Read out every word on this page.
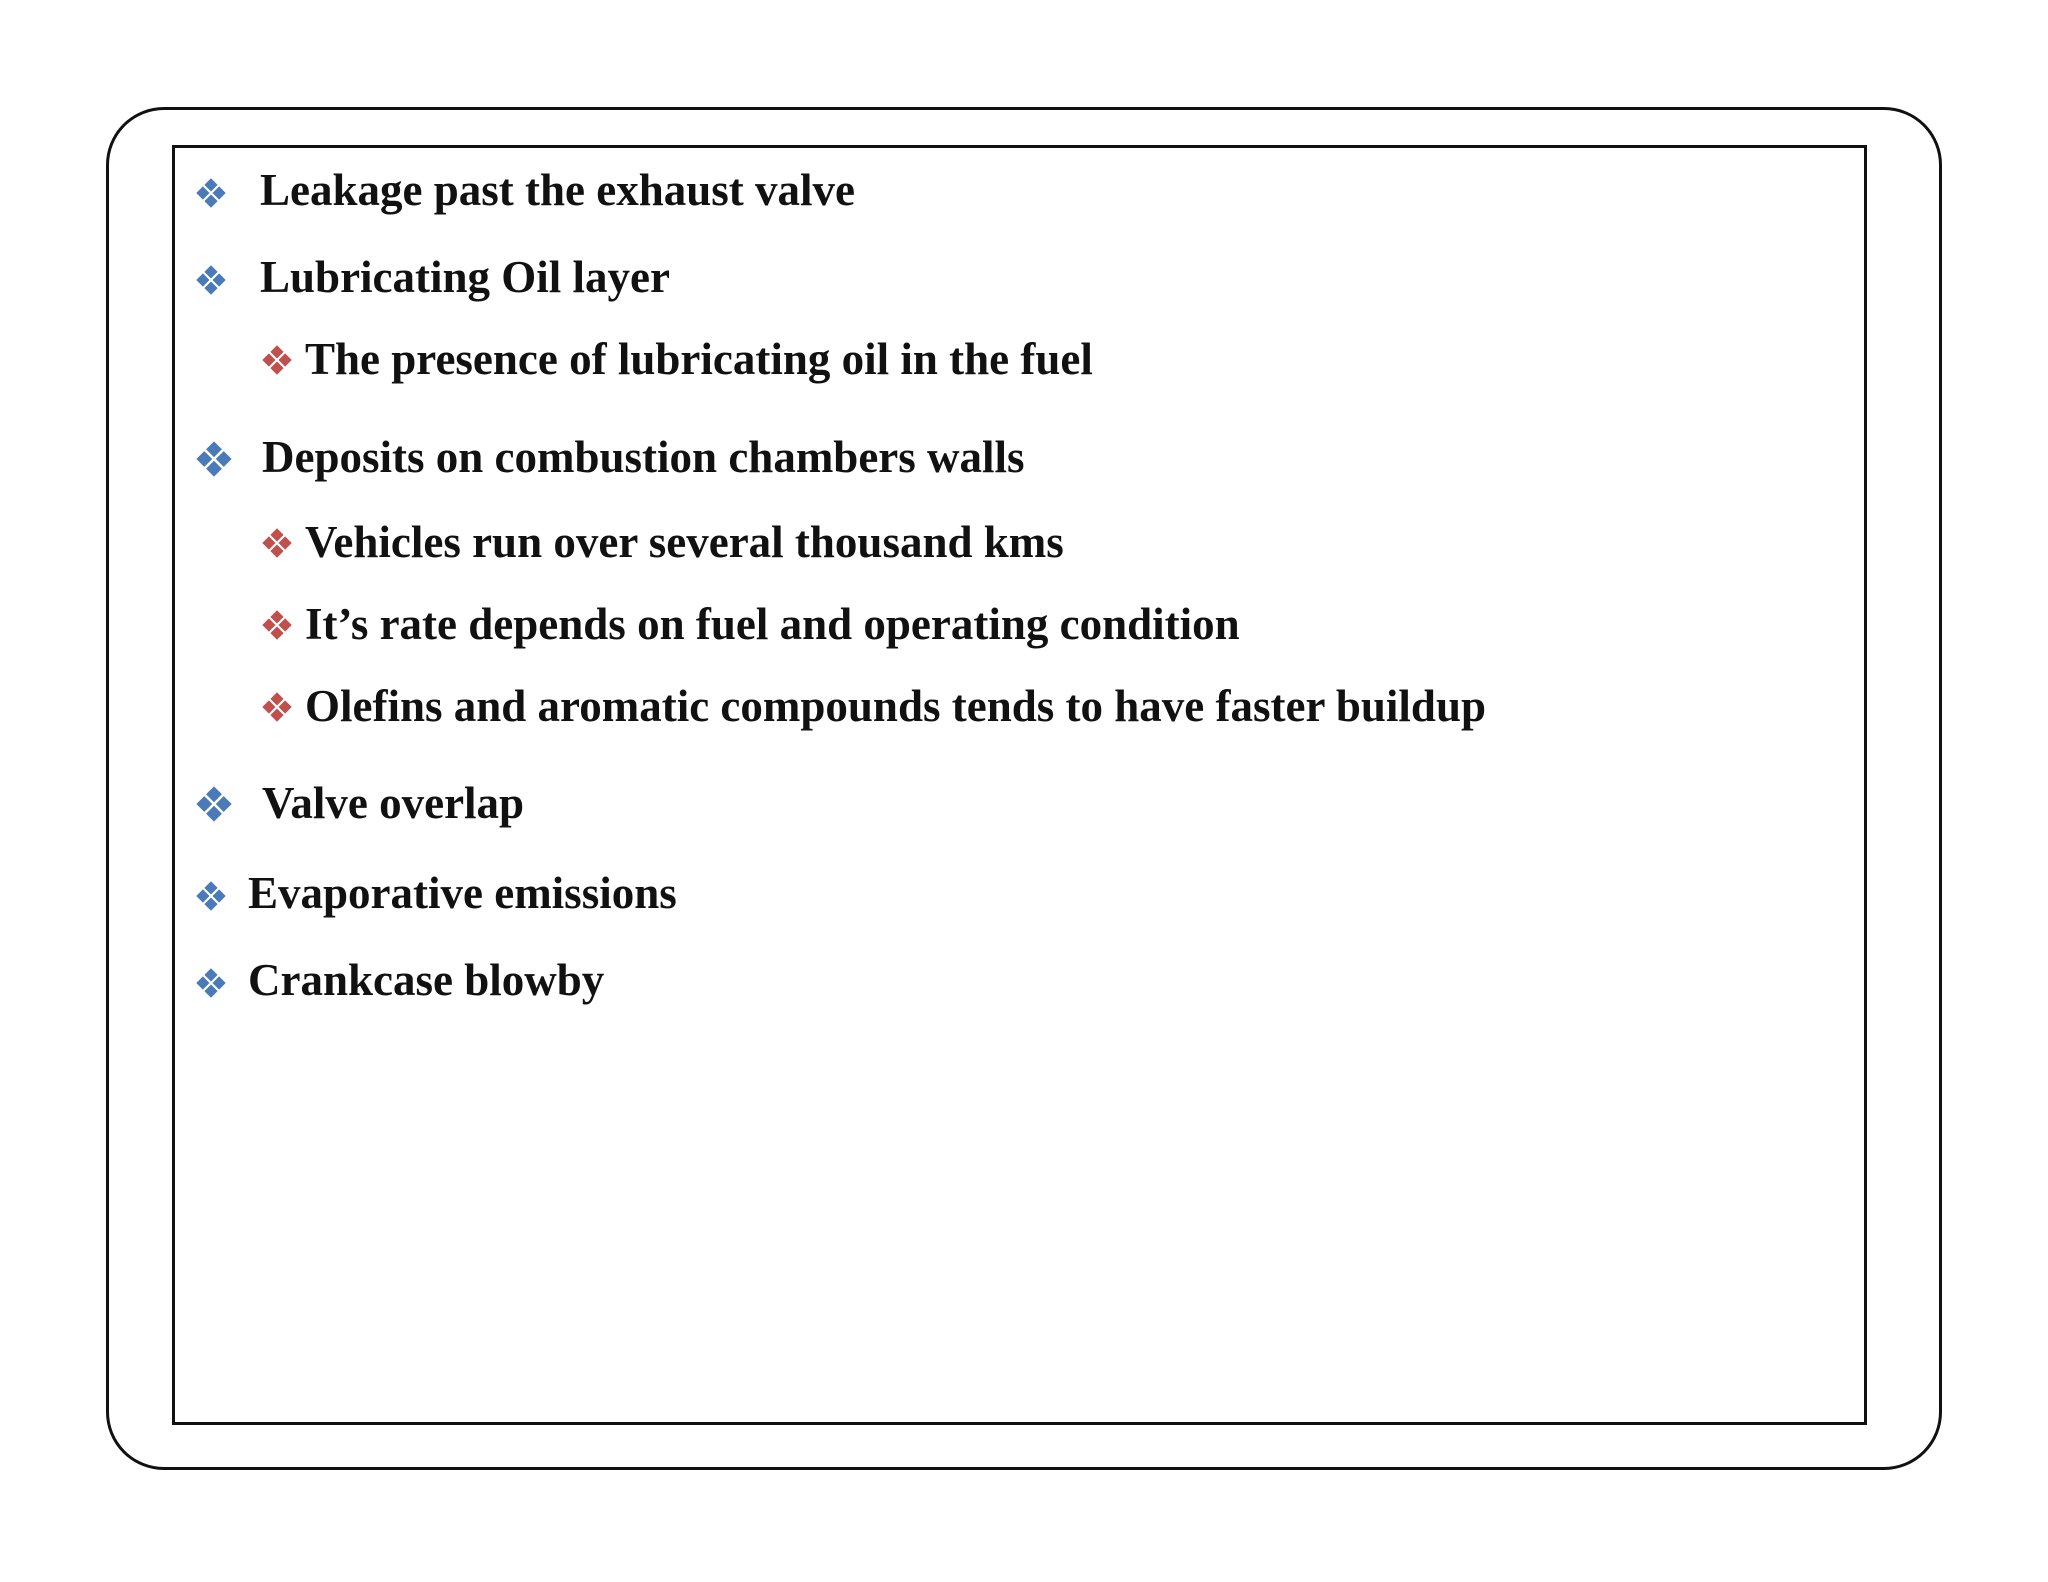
Leakage past the exhaust valve
Lubricating Oil layer
The presence of lubricating oil in the fuel
Deposits on combustion chambers walls
Vehicles run over several thousand kms
It’s rate depends on fuel and operating condition
Olefins and aromatic compounds tends to have faster buildup
Valve overlap
Evaporative emissions
Crankcase blowby
